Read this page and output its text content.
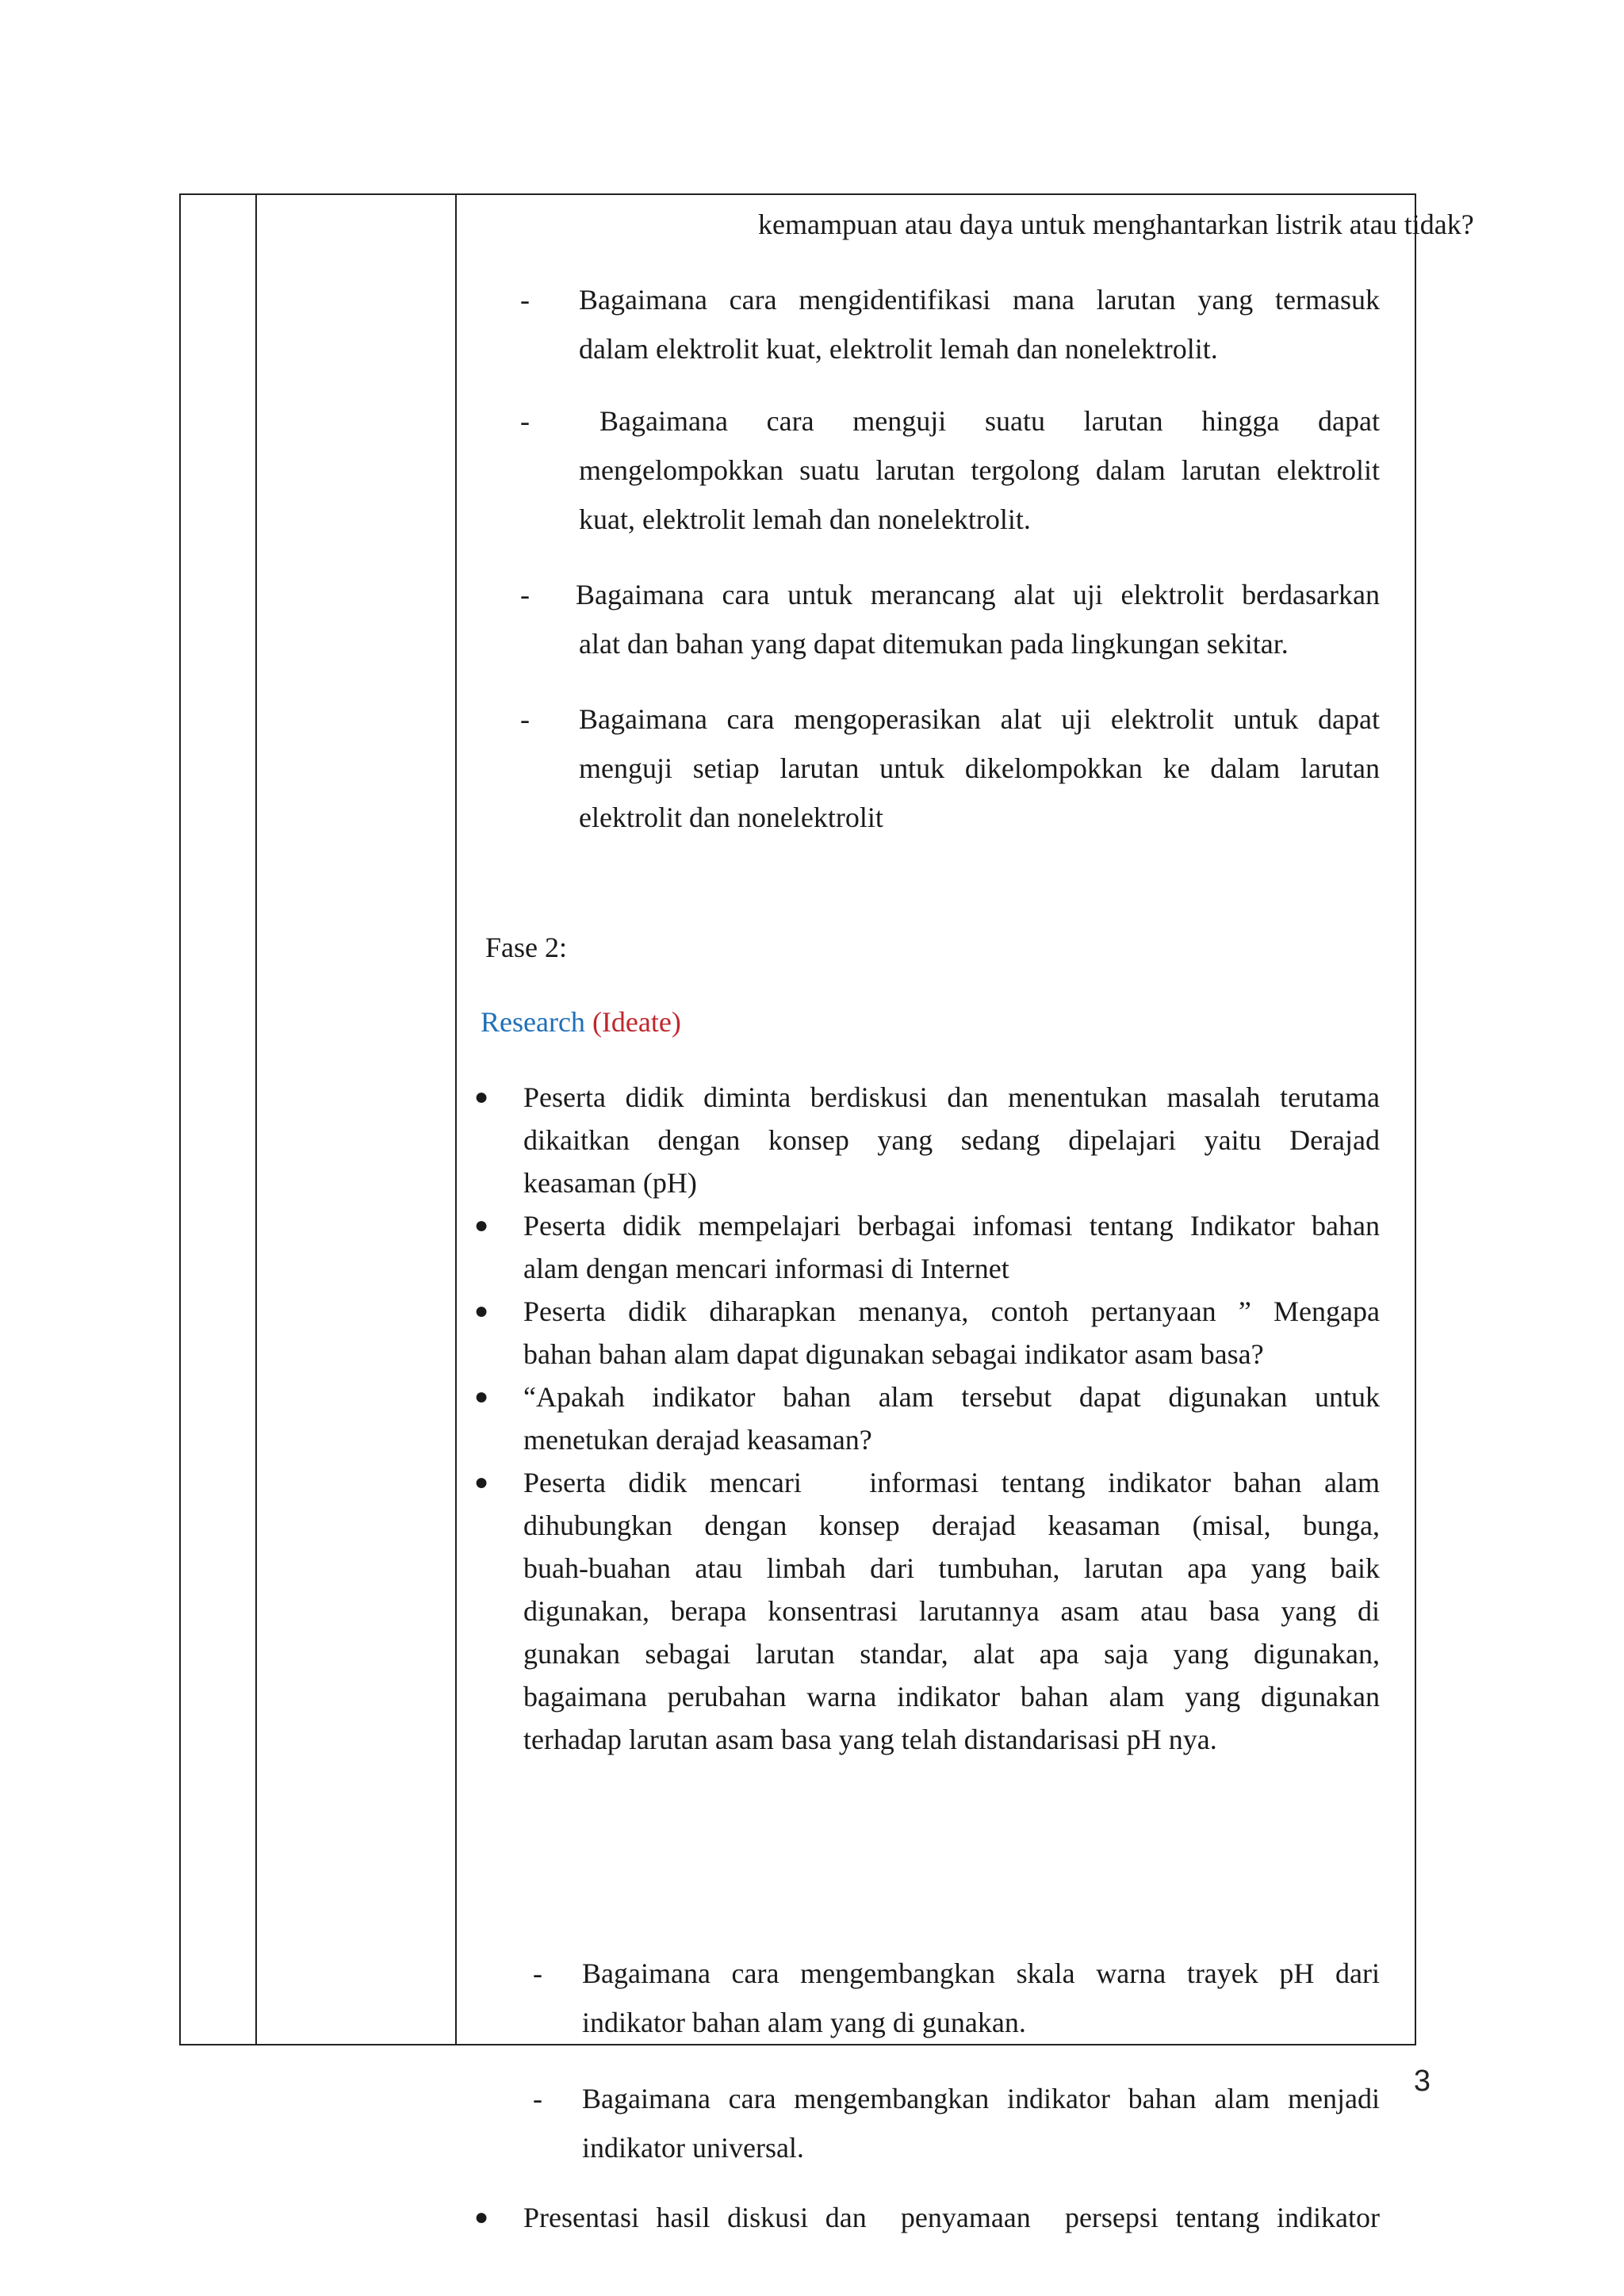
kemampuan atau daya untuk menghantarkan listrik atau tidak?
- Bagaimana cara mengidentifikasi mana larutan yang termasuk
dalam elektrolit kuat, elektrolit lemah dan nonelektrolit.
-	Bagaimana cara menguji suatu larutan hingga dapat
mengelompokkan suatu larutan tergolong dalam larutan elektrolit
kuat, elektrolit lemah dan nonelektrolit.
- Bagaimana cara untuk merancang alat uji elektrolit berdasarkan
alat dan bahan yang dapat ditemukan pada lingkungan sekitar.
- Bagaimana cara mengoperasikan alat uji elektrolit untuk dapat
menguji setiap larutan untuk dikelompokkan ke dalam larutan
elektrolit dan nonelektrolit
Fase 2:
Research (Ideate)
● Peserta didik diminta berdiskusi dan menentukan masalah terutama
dikaitkan dengan konsep yang sedang dipelajari yaitu Derajad
keasaman (pH)
● Peserta didik mempelajari berbagai infomasi tentang Indikator bahan
alam dengan mencari informasi di Internet
● Peserta didik diharapkan menanya, contoh pertanyaan ” Mengapa
bahan bahan alam dapat digunakan sebagai indikator asam basa?
● “Apakah indikator bahan alam tersebut dapat digunakan untuk
menetukan derajad keasaman?
● Peserta didik mencari   informasi tentang indikator bahan alam
dihubungkan dengan konsep derajad keasaman (misal, bunga,
buah-buahan atau limbah dari tumbuhan, larutan apa yang baik
digunakan, berapa konsentrasi larutannya asam atau basa yang di
gunakan sebagai larutan standar, alat apa saja yang digunakan,
bagaimana perubahan warna indikator bahan alam yang digunakan
terhadap larutan asam basa yang telah distandarisasi pH nya.
- Bagaimana cara mengembangkan skala warna trayek pH dari
indikator bahan alam yang di gunakan.
- Bagaimana cara mengembangkan indikator bahan alam menjadi
indikator universal.
● Presentasi hasil diskusi dan  penyamaan  persepsi tentang indikator
3
